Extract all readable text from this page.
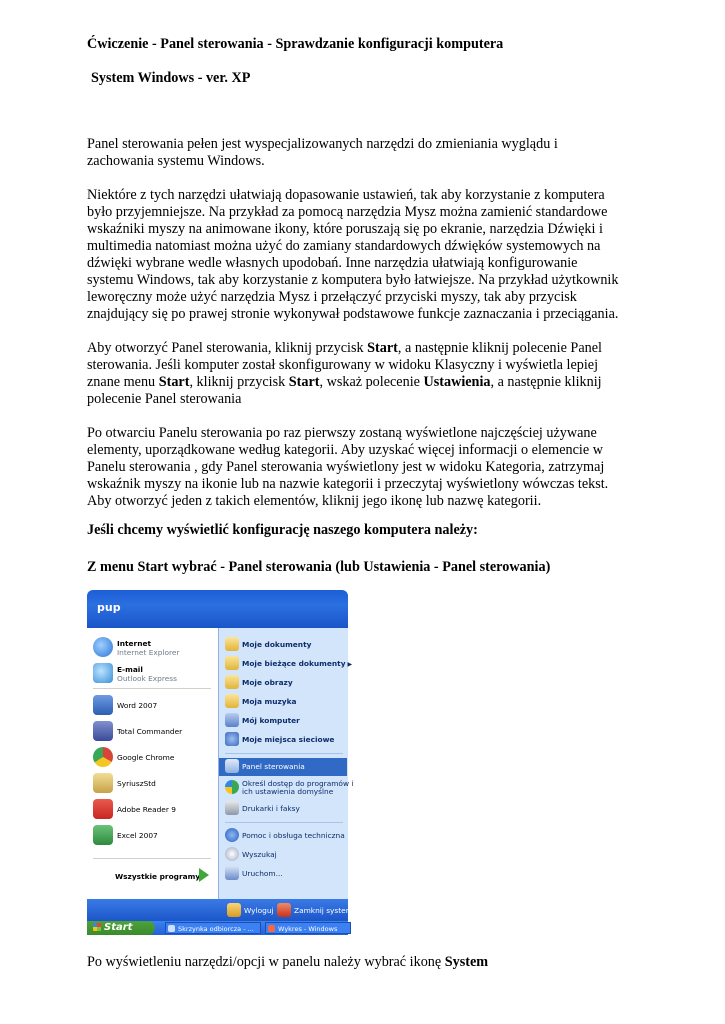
Ćwiczenie - Panel sterowania - Sprawdzanie konfiguracji komputera
System Windows - ver. XP

Panel sterowania pełen jest wyspecjalizowanych narzędzi do zmieniania wyglądu i
zachowania systemu Windows.

Niektóre z tych narzędzi ułatwiają dopasowanie ustawień, tak aby korzystanie z komputera
było przyjemniejsze. Na przykład za pomocą narzędzia Mysz można zamienić standardowe
wskaźniki myszy na animowane ikony, które poruszają się po ekranie, narzędzia Dźwięki i
multimedia natomiast można użyć do zamiany standardowych dźwięków systemowych na
dźwięki wybrane wedle własnych upodobań. Inne narzędzia ułatwiają konfigurowanie
systemu Windows, tak aby korzystanie z komputera było łatwiejsze. Na przykład użytkownik
leworęczny może użyć narzędzia Mysz i przełączyć przyciski myszy, tak aby przycisk
znajdujący się po prawej stronie wykonywał podstawowe funkcje zaznaczania i przeciągania.

Aby otworzyć Panel sterowania, kliknij przycisk Start, a następnie kliknij polecenie Panel
sterowania. Jeśli komputer został skonfigurowany w widoku Klasyczny i wyświetla lepiej
znane menu Start, kliknij przycisk Start, wskaż polecenie Ustawienia, a następnie kliknij
polecenie Panel sterowania

Po otwarciu Panelu sterowania po raz pierwszy zostaną wyświetlone najczęściej używane
elementy, uporządkowane według kategorii. Aby uzyskać więcej informacji o elemencie w
Panelu sterowania , gdy Panel sterowania wyświetlony jest w widoku Kategoria, zatrzymaj
wskaźnik myszy na ikonie lub na nazwie kategorii i przeczytaj wyświetlony wówczas tekst.
Aby otworzyć jeden z takich elementów, kliknij jego ikonę lub nazwę kategorii.

Jeśli chcemy wyświetlić konfigurację naszego komputera należy:

Z menu Start wybrać - Panel sterowania (lub Ustawienia - Panel sterowania)

pup
Internet
Internet Explorer
E-mail
Outlook Express
Word 2007
Total Commander
Google Chrome
SyriuszStd
Adobe Reader 9
Excel 2007
Wszystkie programy
Moje dokumenty
Moje bieżące dokumenty ▶
Moje obrazy
Moja muzyka
Mój komputer
Moje miejsca sieciowe
Panel sterowania
Określ dostęp do programów i
ich ustawienia domyślne
Drukarki i faksy
Pomoc i obsługa techniczna
Wyszukaj
Uruchom...
Wyloguj	Zamknij system
Start	Skrzynka odbiorcza - ...	Wykres - Windows
Po wyświetleniu narzędzi/opcji w panelu należy wybrać ikonę System
